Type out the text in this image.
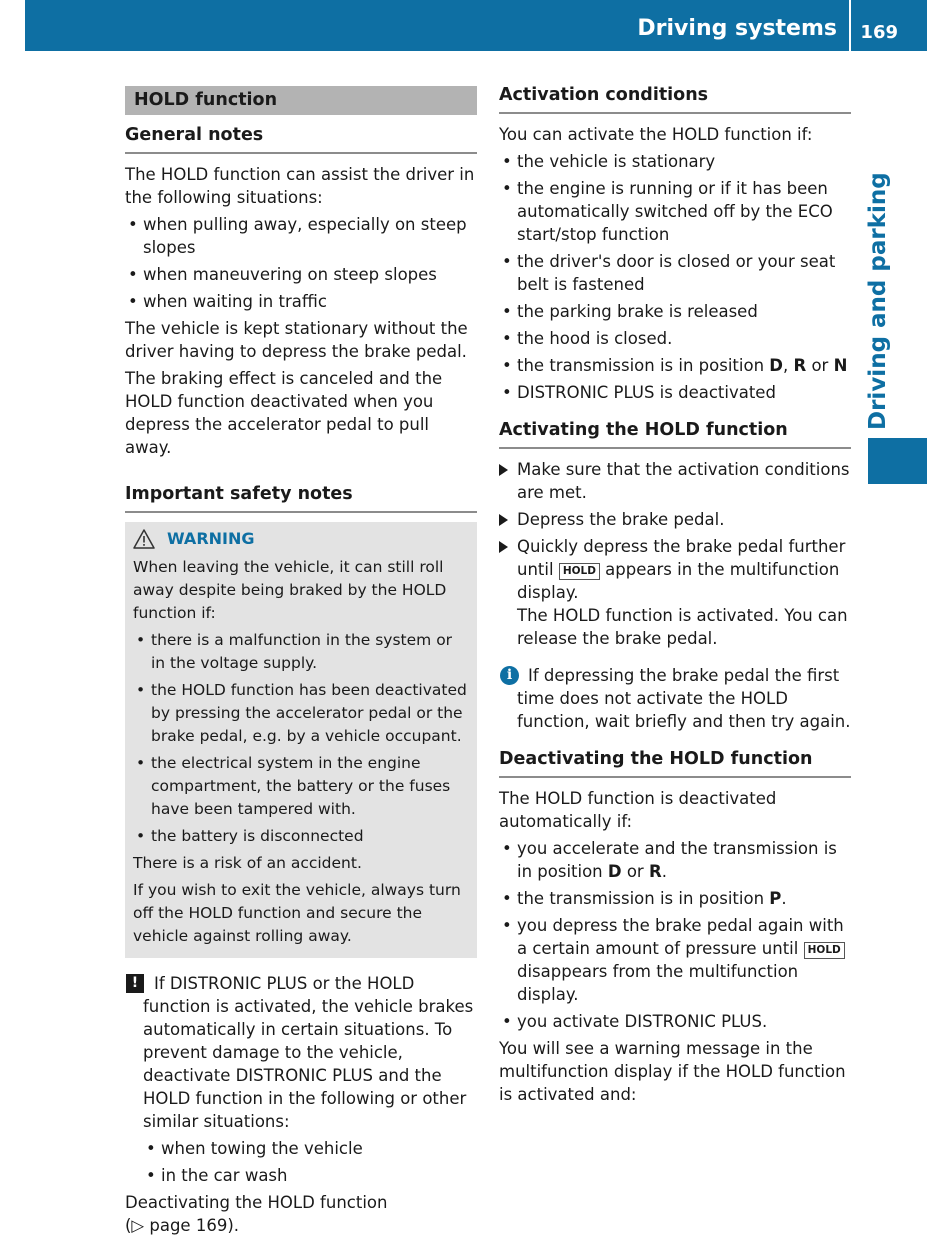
Driving systems 169
Driving and parking
HOLD function
General notes

The HOLD function can assist the driver in the following situations:

• when pulling away, especially on steep slopes
• when maneuvering on steep slopes
• when waiting in traffic

The vehicle is kept stationary without the driver having to depress the brake pedal.

The braking effect is canceled and the HOLD function deactivated when you depress the accelerator pedal to pull away.

Important safety notes
WARNING

When leaving the vehicle, it can still roll away despite being braked by the HOLD function if:

• there is a malfunction in the system or in the voltage supply.
• the HOLD function has been deactivated by pressing the accelerator pedal or the brake pedal, e.g. by a vehicle occupant.
• the electrical system in the engine compartment, the battery or the fuses have been tampered with.
• the battery is disconnected

There is a risk of an accident.

If you wish to exit the vehicle, always turn off the HOLD function and secure the vehicle against rolling away.

! If DISTRONIC PLUS or the HOLD function is activated, the vehicle brakes automatically in certain situations. To prevent damage to the vehicle, deactivate DISTRONIC PLUS and the HOLD function in the following or other similar situations:

• when towing the vehicle
• in the car wash

Deactivating the HOLD function
(▷ page 169).

Activation conditions

You can activate the HOLD function if:

• the vehicle is stationary
• the engine is running or if it has been automatically switched off by the ECO start/stop function
• the driver's door is closed or your seat belt is fastened
• the parking brake is released
• the hood is closed.
• the transmission is in position D, R or N
• DISTRONIC PLUS is deactivated
Activating the HOLD function
Make sure that the activation conditions are met.
Depress the brake pedal.
Quickly depress the brake pedal further until HOLD appears in the multifunction display.
The HOLD function is activated. You can release the brake pedal.
i If depressing the brake pedal the first time does not activate the HOLD function, wait briefly and then try again.

Deactivating the HOLD function

The HOLD function is deactivated automatically if:

• you accelerate and the transmission is in position D or R.
• the transmission is in position P.
• you depress the brake pedal again with a certain amount of pressure until HOLD disappears from the multifunction display.
• you activate DISTRONIC PLUS.

You will see a warning message in the multifunction display if the HOLD function is activated and:
